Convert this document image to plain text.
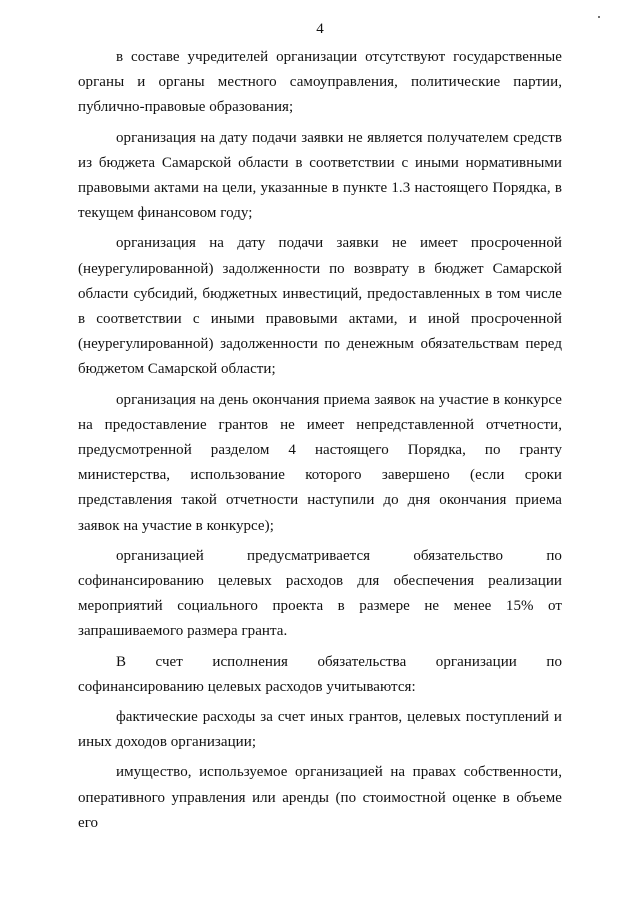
4

в составе учредителей организации отсутствуют государственные органы и органы местного самоуправления, политические партии, публично-правовые образования;

организация на дату подачи заявки не является получателем средств из бюджета Самарской области в соответствии с иными нормативными правовыми актами на цели, указанные в пункте 1.3 настоящего Порядка, в текущем финансовом году;

организация на дату подачи заявки не имеет просроченной (неурегулированной) задолженности по возврату в бюджет Самарской области субсидий, бюджетных инвестиций, предоставленных в том числе в соответствии с иными правовыми актами, и иной просроченной (неурегулированной) задолженности по денежным обязательствам перед бюджетом Самарской области;

организация на день окончания приема заявок на участие в конкурсе на предоставление грантов не имеет непредставленной отчетности, предусмотренной разделом 4 настоящего Порядка, по гранту министерства, использование которого завершено (если сроки представления такой отчетности наступили до дня окончания приема заявок на участие в конкурсе);

организацией предусматривается обязательство по софинансированию целевых расходов для обеспечения реализации мероприятий социального проекта в размере не менее 15% от запрашиваемого размера гранта.

В счет исполнения обязательства организации по софинансированию целевых расходов учитываются:

фактические расходы за счет иных грантов, целевых поступлений и иных доходов организации;

имущество, используемое организацией на правах собственности, оперативного управления или аренды (по стоимостной оценке в объеме его
